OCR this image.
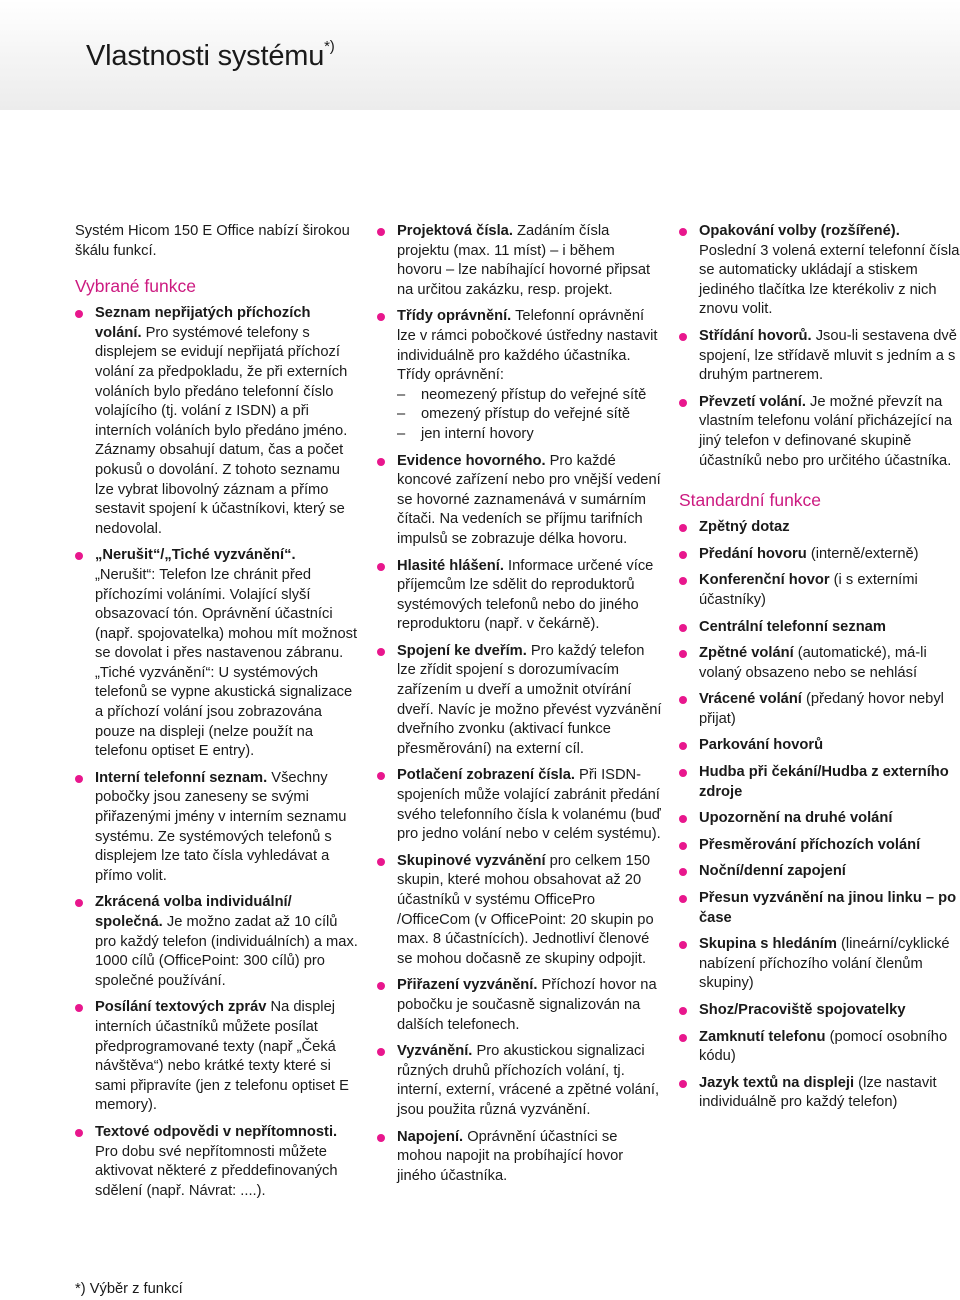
Vlastnosti systému*)

Systém Hicom 150 E Office nabízí širokou škálu funkcí.

Vybrané funkce
Seznam nepřijatých příchozích volání. Pro systémové telefony s displejem se evidují nepřijatá příchozí volání za předpokladu, že při externích voláních bylo předáno telefonní číslo volajícího (tj. volání z ISDN) a při interních voláních bylo předáno jméno. Záznamy obsahují datum, čas a počet pokusů o dovolání. Z tohoto seznamu lze vybrat libovolný záznam a přímo sestavit spojení k účastníkovi, který se nedovolal.
„Nerušit“/„Tiché vyzvánění“.
„Nerušit“: Telefon lze chránit před příchozími voláními. Volající slyší obsazovací tón. Oprávnění účastníci (např. spojovatelka) mohou mít možnost se dovolat i přes nastavenou zábranu.
„Tiché vyzvánění“: U systémových telefonů se vypne akustická signalizace a příchozí volání jsou zobrazována pouze na displeji (nelze použít na telefonu optiset E entry).
Interní telefonní seznam. Všechny pobočky jsou zaneseny se svými přiřazenými jmény v interním seznamu systému. Ze systémových telefonů s displejem lze tato čísla vyhledávat a přímo volit.
Zkrácená volba individuální/ společná. Je možno zadat až 10 cílů pro každý telefon (individuálních) a max. 1000 cílů (OfficePoint: 300 cílů) pro společné používání.
Posílání textových zpráv Na displej interních účastníků můžete posílat předprogramované texty (např „Čeká návštěva“) nebo krátké texty které si sami připravíte (jen z telefonu optiset E memory).
Textové odpovědi v nepřítomnosti. Pro dobu své nepřítomnosti můžete aktivovat některé z předdefinovaných sdělení (např. Návrat: ....).
Projektová čísla. Zadáním čísla projektu (max. 11 míst) – i během hovoru – lze nabíhající hovorné připsat na určitou zakázku, resp. projekt.
Třídy oprávnění. Telefonní oprávnění lze v rámci pobočkové ústředny nastavit individuálně pro každého účastníka. Třídy oprávnění:
– neomezený přístup do veřejné sítě
– omezený přístup do veřejné sítě
– jen interní hovory
Evidence hovorného. Pro každé koncové zařízení nebo pro vnější vedení se hovorné zaznamenává v sumárním čítači. Na vedeních se příjmu tarifních impulsů se zobrazuje délka hovoru.
Hlasité hlášení. Informace určené více příjemcům lze sdělit do reproduktorů systémových telefonů nebo do jiného reproduktoru (např. v čekárně).
Spojení ke dveřím. Pro každý telefon lze zřídit spojení s dorozumívacím zařízením u dveří a umožnit otvírání dveří. Navíc je možno převést vyzvánění dveřního zvonku (aktivací funkce přesměrování) na externí cíl.
Potlačení zobrazení čísla. Při ISDN-spojeních může volající zabránit předání svého telefonního čísla k volanému (buď pro jedno volání nebo v celém systému).
Skupinové vyzvánění pro celkem 150 skupin, které mohou obsahovat až 20 účastníků v systému OfficePro /OfficeCom (v OfficePoint: 20 skupin po max. 8 účastnících). Jednotliví členové se mohou dočasně ze skupiny odpojit.
Přiřazení vyzvánění. Příchozí hovor na pobočku je současně signalizován na dalších telefonech.
Vyzvánění. Pro akustickou signalizaci různých druhů příchozích volání, tj. interní, externí, vrácené a zpětné volání, jsou použita různá vyzvánění.
Napojení. Oprávnění účastníci se mohou napojit na probíhající hovor jiného účastníka.
Opakování volby (rozšířené). Poslední 3 volená externí telefonní čísla se automaticky ukládají a stiskem jediného tlačítka lze kterékoliv z nich znovu volit.
Střídání hovorů. Jsou-li sestavena dvě spojení, lze střídavě mluvit s jedním a s druhým partnerem.
Převzetí volání. Je možné převzít na vlastním telefonu volání přicházející na jiný telefon v definované skupině účastníků nebo pro určitého účastníka.
Standardní funkce
Zpětný dotaz
Předání hovoru (interně/externě)
Konferenční hovor (i s externími účastníky)
Centrální telefonní seznam
Zpětné volání (automatické), má-li volaný obsazeno nebo se nehlásí
Vrácené volání (předaný hovor nebyl přijat)
Parkování hovorů
Hudba při čekání/Hudba z externího zdroje
Upozornění na druhé volání
Přesměrování příchozích volání
Noční/denní zapojení
Přesun vyzvánění na jinou linku – po čase
Skupina s hledáním (lineární/cyklické nabízení příchozího volání členům skupiny)
Shoz/Pracoviště spojovatelky
Zamknutí telefonu (pomocí osobního kódu)
Jazyk textů na displeji (lze nastavit individuálně pro každý telefon)

*) Výběr z funkcí
